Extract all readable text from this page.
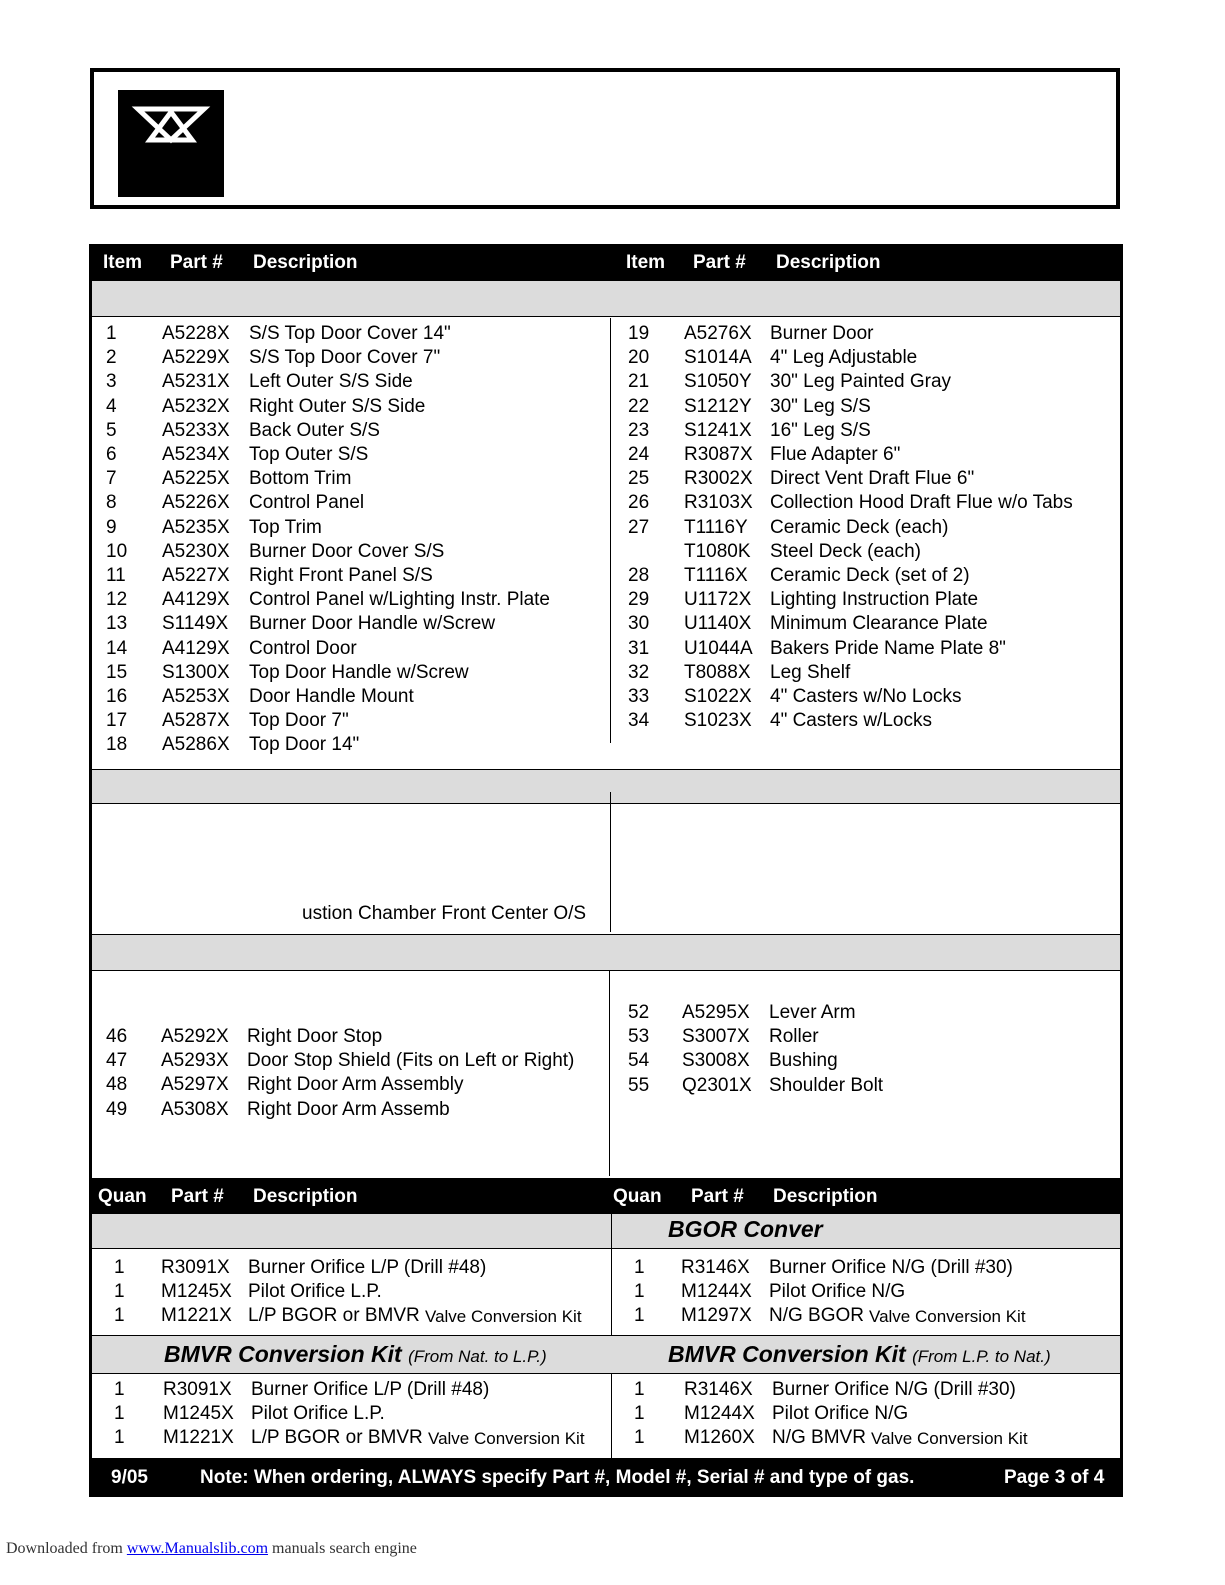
Item Part # Description	Item Part # Description
1 A5228X S/S Top Door Cover 14"
2 A5229X S/S Top Door Cover 7"
3 A5231X Left Outer S/S Side
4 A5232X Right Outer S/S Side
5 A5233X Back Outer S/S
6 A5234X Top Outer S/S
7 A5225X Bottom Trim
8 A5226X Control Panel
9 A5235X Top Trim
10 A5230X Burner Door Cover S/S
11 A5227X Right Front Panel S/S
12 A4129X Control Panel w/Lighting Instr. Plate
13 S1149X Burner Door Handle w/Screw
14 A4129X Control Door
15 S1300X Top Door Handle w/Screw
16 A5253X Door Handle Mount
17 A5287X Top Door 7"
18 A5286X Top Door 14"
19 A5276X Burner Door
20 S1014A 4" Leg Adjustable
21 S1050Y 30" Leg Painted Gray
22 S1212Y 30" Leg S/S
23 S1241X 16" Leg S/S
24 R3087X Flue Adapter 6"
25 R3002X Direct Vent Draft Flue 6"
26 R3103X Collection Hood Draft Flue w/o Tabs
27 T1116Y Ceramic Deck (each)
T1080K Steel Deck (each)
28 T1116X Ceramic Deck (set of 2)
29 U1172X Lighting Instruction Plate
30 U1140X Minimum Clearance Plate
31 U1044A Bakers Pride Name Plate 8"
32 T8088X Leg Shelf
33 S1022X 4" Casters w/No Locks
34 S1023X 4" Casters w/Locks
ustion Chamber Front Center O/S
46 A5292X Right Door Stop
47 A5293X Door Stop Shield (Fits on Left or Right)
48 A5297X Right Door Arm Assembly
49 A5308X Right Door Arm Assemb
52 A5295X Lever Arm
53 S3007X Roller
54 S3008X Bushing
55 Q2301X Shoulder Bolt
Quan Part # Description	Quan Part # Description
BGOR Conver
1 R3091X Burner Orifice L/P (Drill #48)
1 M1245X Pilot Orifice L.P.
1 M1221X L/P BGOR or BMVR Valve Conversion Kit
1 R3146X Burner Orifice N/G (Drill #30)
1 M1244X Pilot Orifice N/G
1 M1297X N/G BGOR Valve Conversion Kit
BMVR Conversion Kit (From Nat. to L.P.)	BMVR Conversion Kit (From L.P. to Nat.)
1 R3091X Burner Orifice L/P (Drill #48)
1 M1245X Pilot Orifice L.P.
1 M1221X L/P BGOR or BMVR Valve Conversion Kit
1 R3146X Burner Orifice N/G (Drill #30)
1 M1244X Pilot Orifice N/G
1 M1260X N/G BMVR Valve Conversion Kit
9/05	Note: When ordering, ALWAYS specify Part #, Model #, Serial # and type of gas.	Page 3 of 4
Downloaded from www.Manualslib.com manuals search engine
